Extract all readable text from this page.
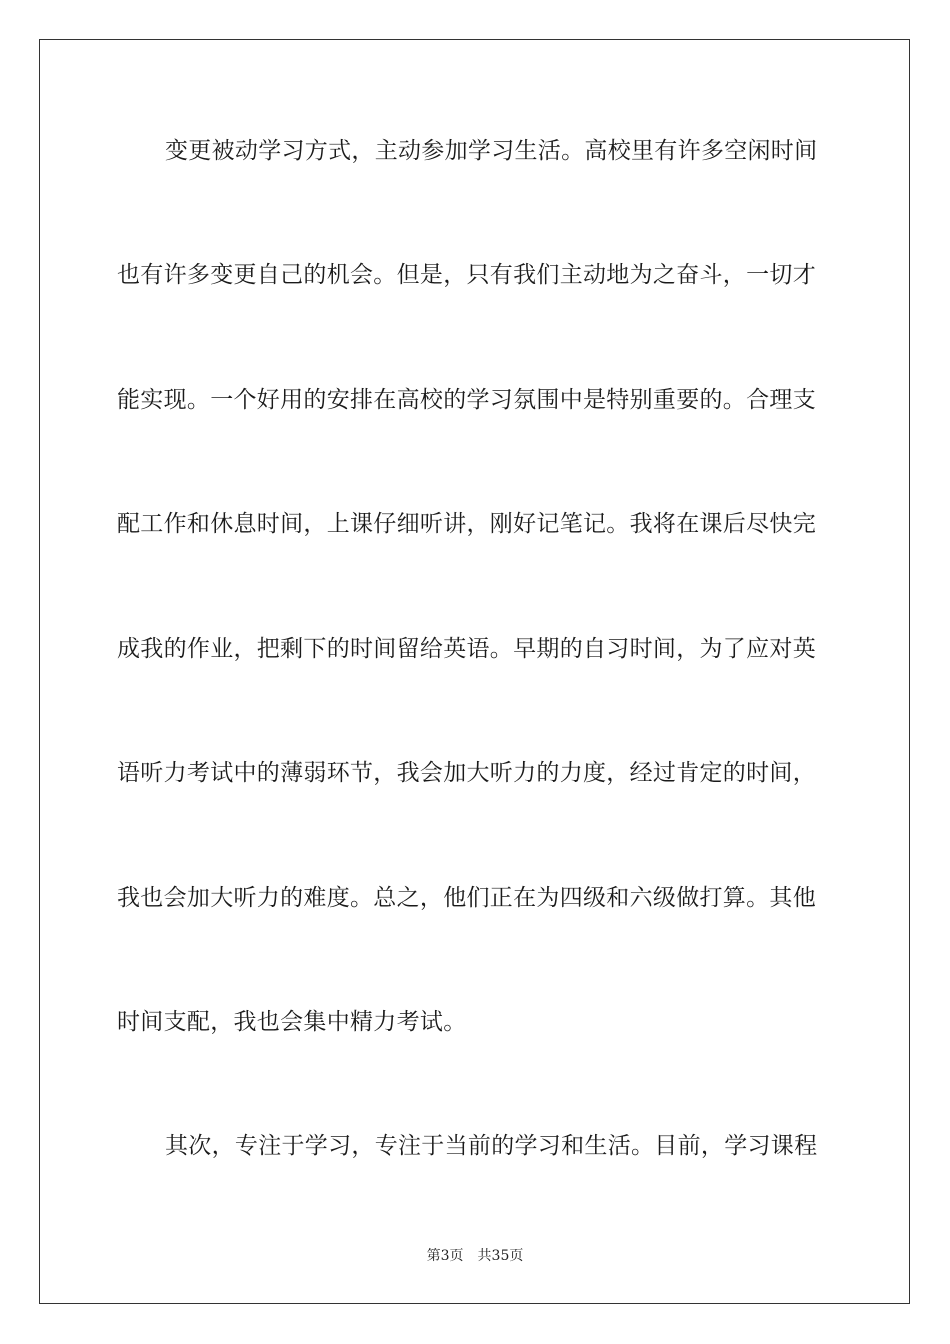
变更被动学习方式，主动参加学习生活。高校里有许多空闲时间
也有许多变更自己的机会。但是，只有我们主动地为之奋斗，一切才
能实现。一个好用的安排在高校的学习氛围中是特别重要的。合理支
配工作和休息时间，上课仔细听讲，刚好记笔记。我将在课后尽快完
成我的作业，把剩下的时间留给英语。早期的自习时间，为了应对英
语听力考试中的薄弱环节，我会加大听力的力度，经过肯定的时间，
我也会加大听力的难度。总之，他们正在为四级和六级做打算。其他
时间支配，我也会集中精力考试。
其次，专注于学习，专注于当前的学习和生活。目前，学习课程
第3页 共35页
